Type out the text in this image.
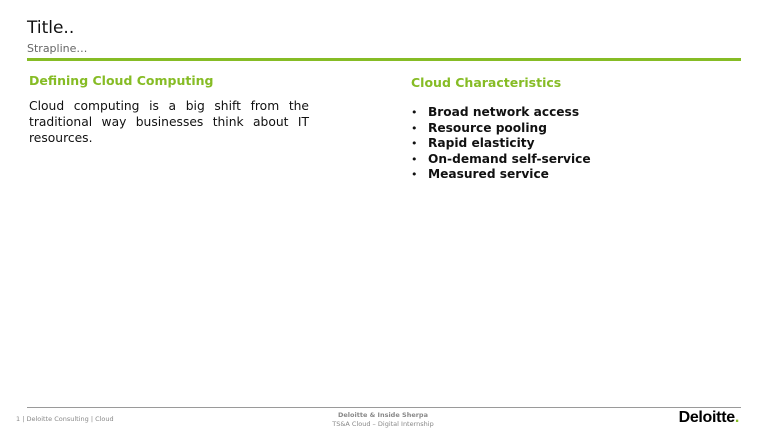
Title..
Strapline…
Defining Cloud Computing

Cloud computing is a big shift from the traditional way businesses think about IT resources.

Cloud Characteristics
• Broad network access
• Resource pooling
• Rapid elasticity
• On-demand self-service
• Measured service
1 | Deloitte Consulting | Cloud	Deloitte & Inside Sherpa
TS&A Cloud – Digital Internship	Deloitte.
